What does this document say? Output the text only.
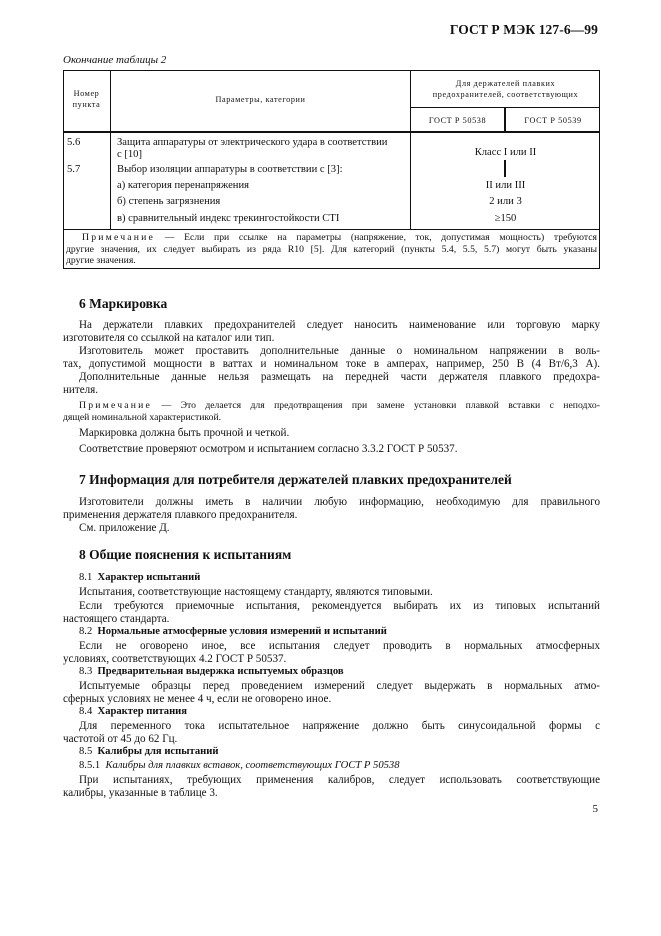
ГОСТ Р МЭК 127-6—99
Окончание таблицы 2
Номер
пункта
Параметры, категории
Для держателей плавких
предохранителей, соответствующих
ГОСТ Р 50538	ГОСТ Р 50539
5.6	Защита аппаратуры от электрического удара в соответствии
с [10]	Класс I или II
5.7	Выбор изоляции аппаратуры в соответствии с [3]:
а) категория перенапряжения	II или III
б) степень загрязнения	2 или 3
в) сравнительный индекс трекингостойкости СТI	≥150
Примечание — Если при ссылке на параметры (напряжение, ток, допустимая мощность) требуются
другие значения, их следует выбирать из ряда R10 [5]. Для категорий (пункты 5.4, 5.5, 5.7) могут быть указаны
другие значения.
6 Маркировка
На держатели плавких предохранителей следует наносить наименование или торговую марку
изготовителя со ссылкой на каталог или тип.
Изготовитель может проставить дополнительные данные о номинальном напряжении в воль-
тах, допустимой мощности в ваттах и номинальном токе в амперах, например, 250 В (4 Вт/6,3 А).
Дополнительные данные нельзя размещать на передней части держателя плавкого предохра-
нителя.
Примечание — Это делается для предотвращения при замене установки плавкой вставки с неподхо-
дящей номинальной характеристикой.
Маркировка должна быть прочной и четкой.
Соответствие проверяют осмотром и испытанием согласно 3.3.2 ГОСТ Р 50537.
7 Информация для потребителя держателей плавких предохранителей
Изготовители должны иметь в наличии любую информацию, необходимую для правильного
применения держателя плавкого предохранителя.
См. приложение Д.
8 Общие пояснения к испытаниям
8.1 Характер испытаний
Испытания, соответствующие настоящему стандарту, являются типовыми.
Если требуются приемочные испытания, рекомендуется выбирать их из типовых испытаний
настоящего стандарта.
8.2 Нормальные атмосферные условия измерений и испытаний
Если не оговорено иное, все испытания следует проводить в нормальных атмосферных
условиях, соответствующих 4.2 ГОСТ Р 50537.
8.3 Предварительная выдержка испытуемых образцов
Испытуемые образцы перед проведением измерений следует выдержать в нормальных атмо-
сферных условиях не менее 4 ч, если не оговорено иное.
8.4 Характер питания
Для переменного тока испытательное напряжение должно быть синусоидальной формы с
частотой от 45 до 62 Гц.
8.5 Калибры для испытаний
8.5.1 Калибры для плавких вставок, соответствующих ГОСТ Р 50538
При испытаниях, требующих применения калибров, следует использовать соответствующие
калибры, указанные в таблице 3.
5
